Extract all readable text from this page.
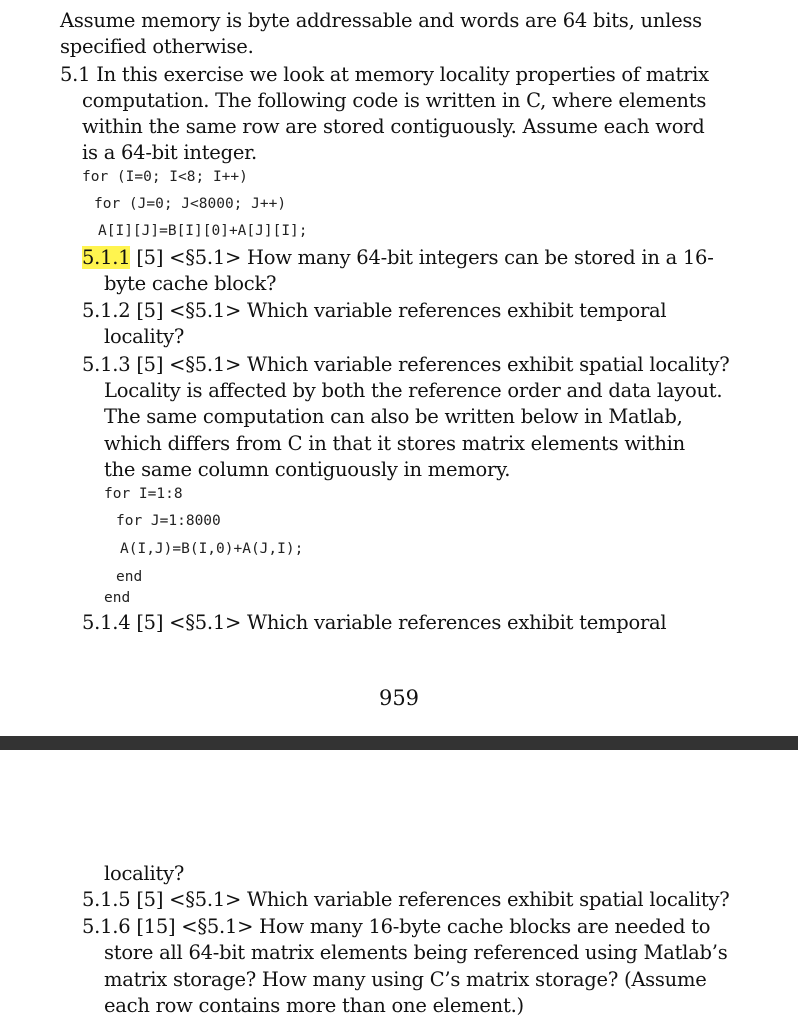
Assume memory is byte addressable and words are 64 bits, unless
specified otherwise.
5.1 In this exercise we look at memory locality properties of matrix
computation. The following code is written in C, where elements
within the same row are stored contiguously. Assume each word
is a 64-bit integer.
for (I=0; I<8; I++)
for (J=0; J<8000; J++)
A[I][J]=B[I][0]+A[J][I];
5.1.1 [5] <§5.1> How many 64-bit integers can be stored in a 16-
byte cache block?
5.1.2 [5] <§5.1> Which variable references exhibit temporal
locality?
5.1.3 [5] <§5.1> Which variable references exhibit spatial locality?
Locality is affected by both the reference order and data layout.
The same computation can also be written below in Matlab,
which differs from C in that it stores matrix elements within
the same column contiguously in memory.
for I=1:8
for J=1:8000
A(I,J)=B(I,0)+A(J,I);
end
end
5.1.4 [5] <§5.1> Which variable references exhibit temporal
959
locality?
5.1.5 [5] <§5.1> Which variable references exhibit spatial locality?
5.1.6 [15] <§5.1> How many 16-byte cache blocks are needed to
store all 64-bit matrix elements being referenced using Matlab’s
matrix storage? How many using C’s matrix storage? (Assume
each row contains more than one element.)
